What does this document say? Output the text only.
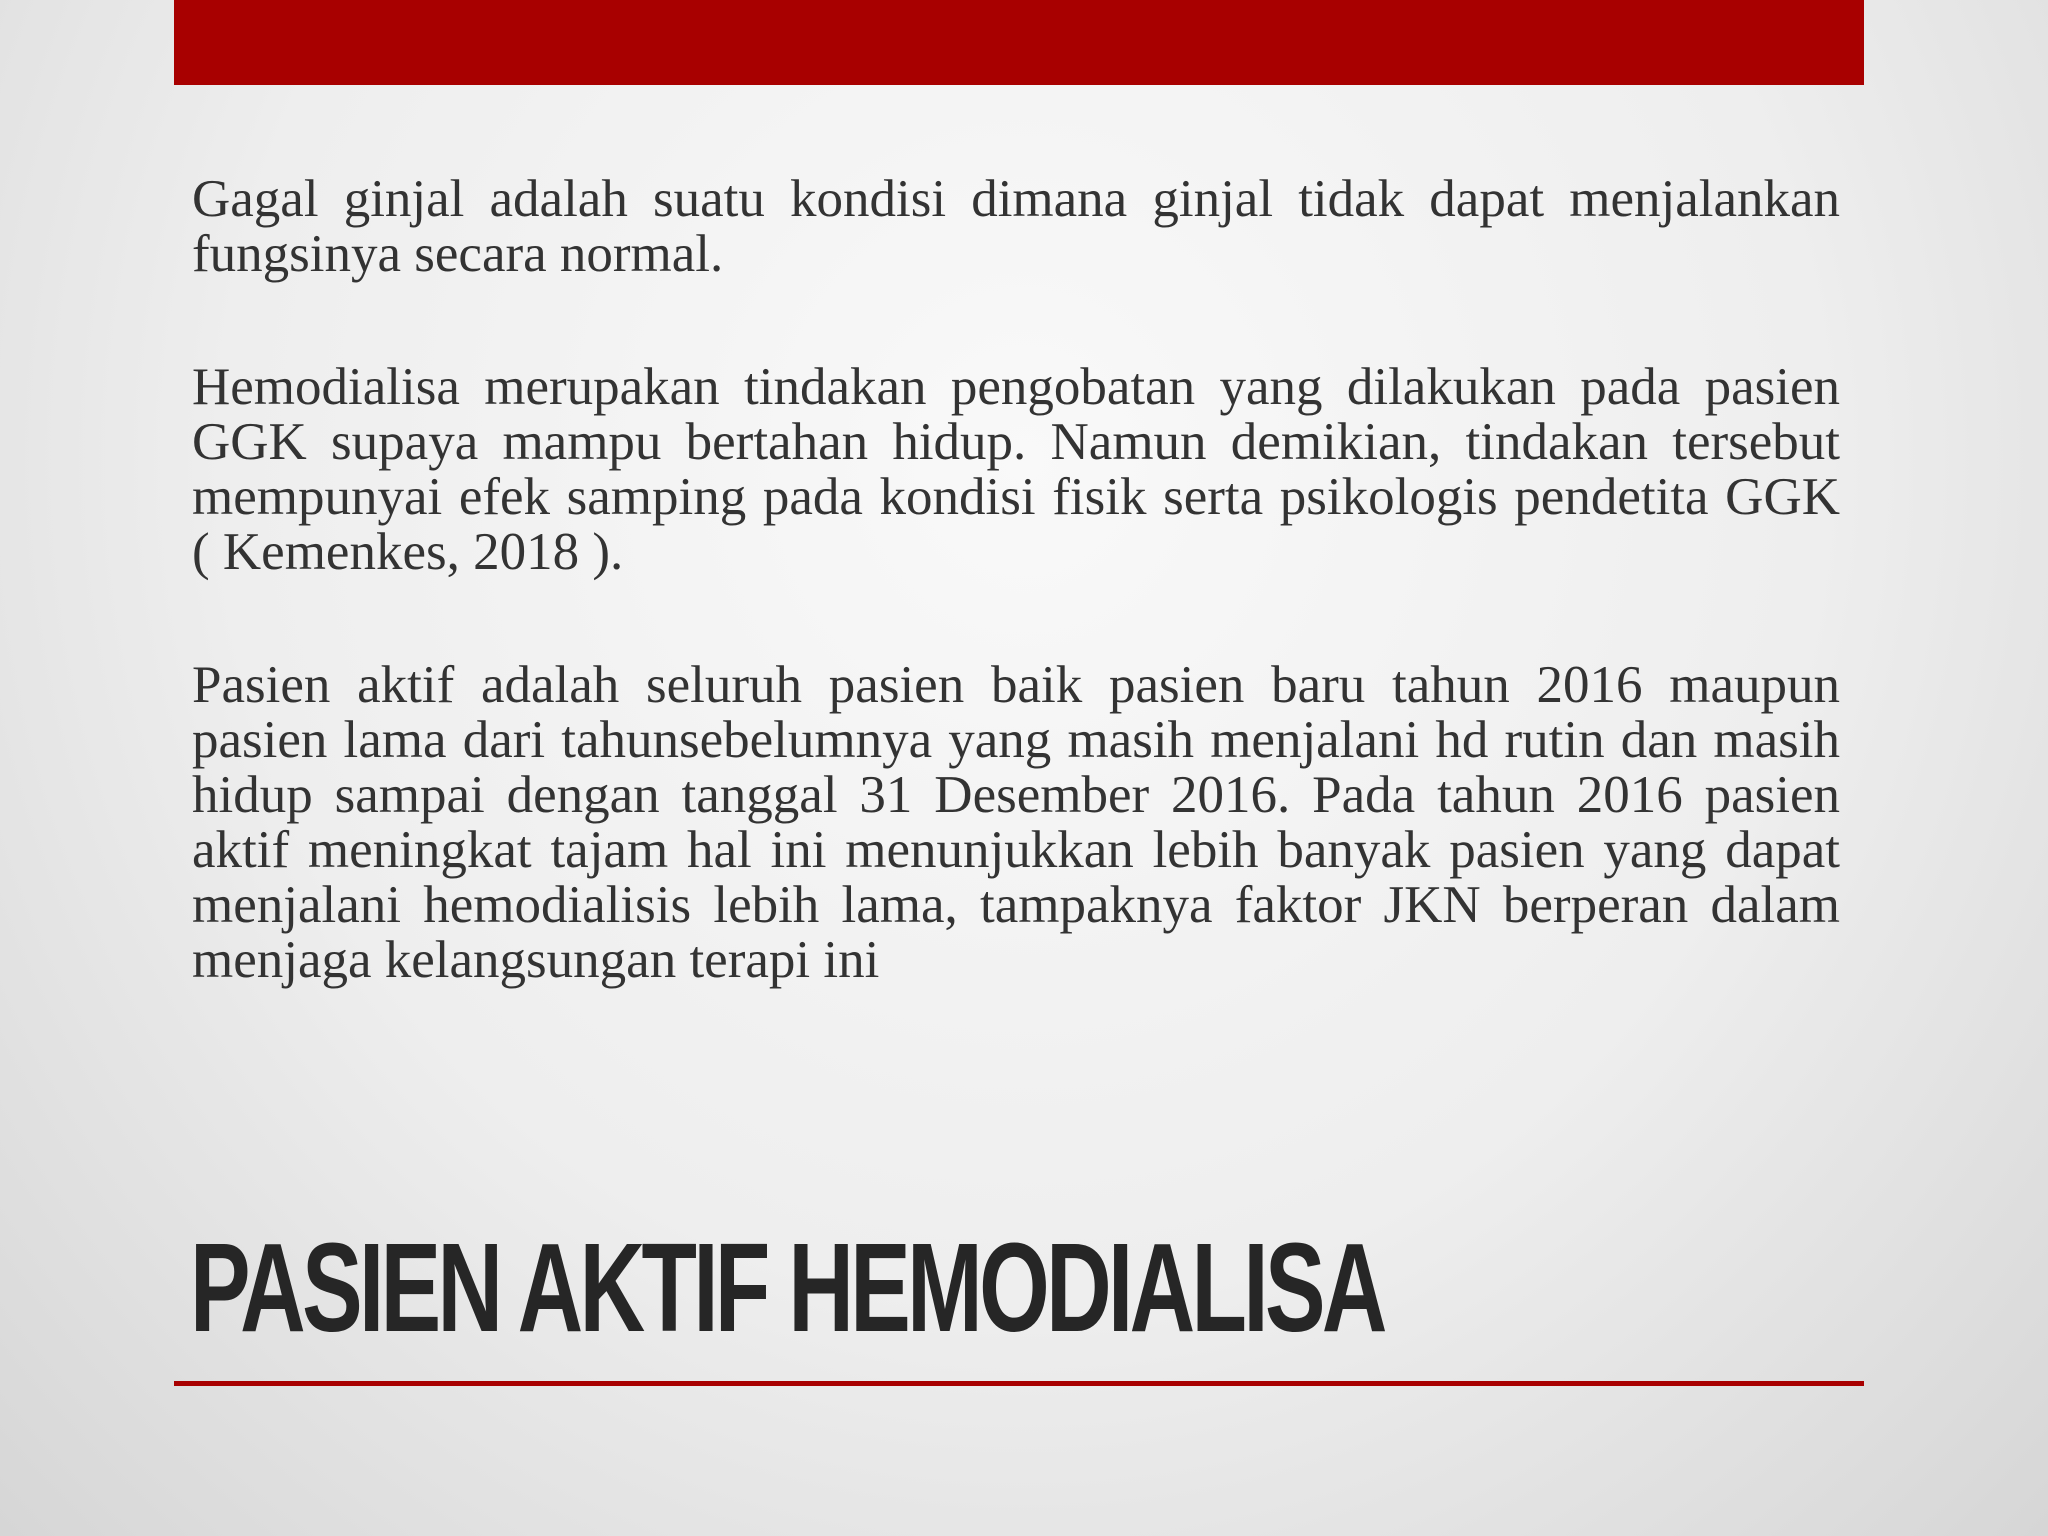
Gagal ginjal adalah suatu kondisi dimana ginjal tidak dapat menjalankan fungsinya secara normal.

Hemodialisa merupakan tindakan pengobatan yang dilakukan pada pasien GGK supaya mampu bertahan hidup. Namun demikian, tindakan tersebut mempunyai efek samping pada kondisi fisik serta psikologis pendetita GGK ( Kemenkes, 2018 ).

Pasien aktif adalah seluruh pasien baik pasien baru tahun 2016 maupun pasien lama dari tahunsebelumnya yang masih menjalani hd rutin dan masih hidup sampai dengan tanggal 31 Desember 2016. Pada tahun 2016 pasien aktif meningkat tajam hal ini menunjukkan lebih banyak pasien yang dapat menjalani hemodialisis lebih lama, tampaknya faktor JKN berperan dalam menjaga kelangsungan terapi ini

PASIEN AKTIF HEMODIALISA
